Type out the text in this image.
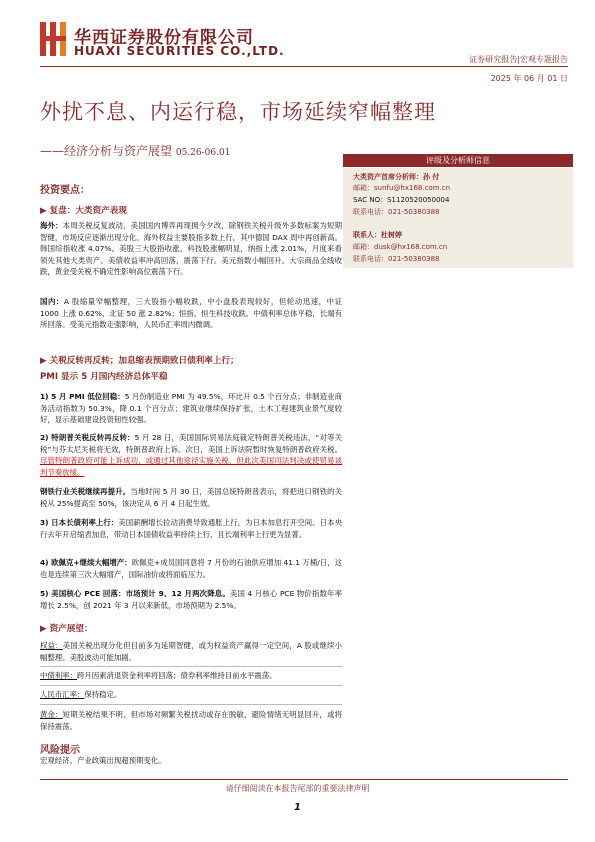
华西证券股份有限公司
HUAXI SECURITIES CO.,LTD.
证券研究报告|宏观专题报告
2025 年 06 月 01 日
外扰不息、内运行稳，市场延续窄幅整理
——经济分析与资产展望 05.26-06.01
评级及分析师信息
大类资产首席分析师：孙 付
邮箱：sunfu@hx168.com.cn
SAC NO：S1120520050004
联系电话：021-50380388
联系人：杜树婷
邮箱：dusk@hx168.com.cn
联系电话：021-50380388
投资要点：
▶ 复盘：大类资产表现
海外：本周关税反复波动，美国国内博弈再现拥今夕改，除钢铁关税升级外多数标案为短期智健，市场反应逐渐出现分化。海外权益主要股指多数上行，其中德国 DAX 周中再创新高。韩国综指收涨 4.07%。美股三大股指收涨，科技股涨幅明显，纳指上涨 2.01%，月度来看领先其他大类资产。美债收益率冲高回落，震荡下行。美元指数小幅回升。大宗商品全线收跌，黄金受关税不确定性影响高位震荡下行。
国内：A 股缩量窄幅整理，三大股指小幅收跌，中小盘股表现较好，但轮动迅速，中证 1000 上涨 0.62%、北证 50 涨 2.82%；恒指、恒生科技收跌。中债利率总体平稳，长端有所回落。受美元指数走强影响，人民币汇率周内微调。
▶ 关税反转再反转；加息缩表预期致日债利率上行；
PMI 显示 5 月国内经济总体平稳
1) 5 月 PMI 低位回稳：5 月份制造业 PMI 为 49.5%，环比升 0.5 个百分点；非制造业商务活动指数为 50.3%，降 0.1 个百分点；建筑业继续保持扩张，土木工程建筑业景气度较好，显示基础建设投资韧性较强。
2) 特朗普关税反转再反转：5 月 28 日，美国国际贸易法庭裁定特朗普关税违法，“对等关税”与芬太尼关税将无效，特朗普政府上诉。次日，美国上诉法院暂时恢复特朗普政府关税。尽管特朗普政府可能上诉成功，或通过其他途径实施关税，但此次美国司法判决或使贸易谈判节奏放缓。
钢铁行业关税继续再提升。当地时间 5 月 30 日，美国总统特朗普表示，将把进口钢铁的关税从 25%提高至 50%，该决定从 6 月 4 日起生效。
3) 日本长债利率上行：美国薪酬增长拉动消费导致通胀上行，为日本加息打开空间。日本央行去年开启缩表加息，带动日本国债收益率持续上行，且长端利率上行更为显著。
4) 欧佩克+继续大幅增产：欧佩克+成员国同意将 7 月份的石油供应增加 41.1 万桶/日，这也是连续第三次大幅增产，国际油价或将面临压力。
5) 美国核心 PCE 回落：市场预计 9、12 月两次降息。美国 4 月核心 PCE 物价指数年率增长 2.5%，创 2021 年 3 月以来新低，市场预期为 2.5%。
▶ 资产展望：
权益：美国关税出现分化但目前多为延期智健，或为权益资产赢得一定空间，A 股或继续小幅整理。美股波动可能加剧。
中债利率：跨月因素消退资金利率将回落；债券利率维持目前水平震荡。
人民币汇率：保持稳定。
黄金：短期关税结果不明，但市场对频繁关税扰动或存在脱敏，避险情绪无明显回升，或将保持震荡。
风险提示
宏观经济、产业政策出现超预期变化。
请仔细阅读在本报告尾部的重要法律声明
1
